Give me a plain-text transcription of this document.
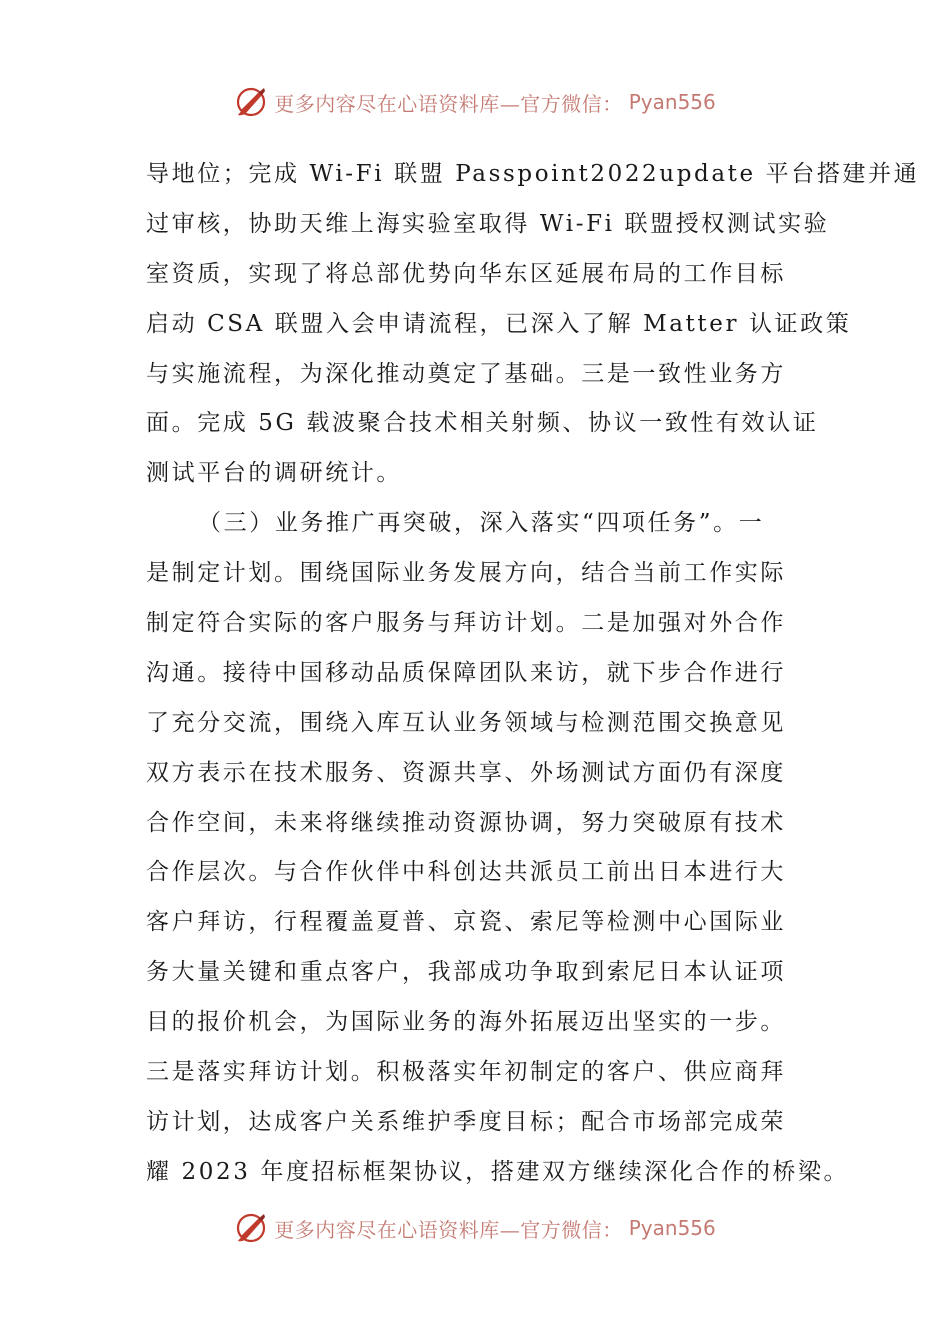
更多内容尽在心语资料库—官方微信： Pyan556
导地位；完成 Wi-Fi 联盟 Passpoint2022update 平台搭建并通
过审核，协助天维上海实验室取得 Wi-Fi 联盟授权测试实验
室资质，实现了将总部优势向华东区延展布局的工作目标
启动 CSA 联盟入会申请流程，已深入了解 Matter 认证政策
与实施流程，为深化推动奠定了基础。三是一致性业务方
面。完成 5G 载波聚合技术相关射频、协议一致性有效认证
测试平台的调研统计。
（三）业务推广再突破，深入落实“四项任务”。一
是制定计划。围绕国际业务发展方向，结合当前工作实际
制定符合实际的客户服务与拜访计划。二是加强对外合作
沟通。接待中国移动品质保障团队来访，就下步合作进行
了充分交流，围绕入库互认业务领域与检测范围交换意见
双方表示在技术服务、资源共享、外场测试方面仍有深度
合作空间，未来将继续推动资源协调，努力突破原有技术
合作层次。与合作伙伴中科创达共派员工前出日本进行大
客户拜访，行程覆盖夏普、京瓷、索尼等检测中心国际业
务大量关键和重点客户，我部成功争取到索尼日本认证项
目的报价机会，为国际业务的海外拓展迈出坚实的一步。
三是落实拜访计划。积极落实年初制定的客户、供应商拜
访计划，达成客户关系维护季度目标；配合市场部完成荣
耀 2023 年度招标框架协议，搭建双方继续深化合作的桥梁。
更多内容尽在心语资料库—官方微信： Pyan556
